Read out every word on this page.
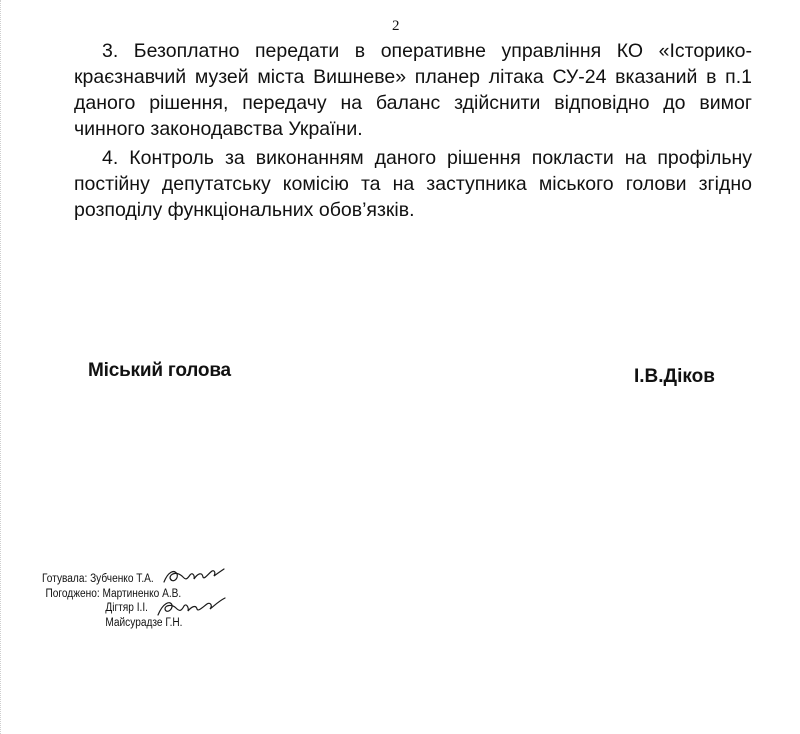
2

3. Безоплатно передати в оперативне управління КО «Історико-краєзнавчий музей міста Вишневе» планер літака СУ-24 вказаний в п.1 даного рішення, передачу на баланс здійснити відповідно до вимог чинного законодавства України.

4. Контроль за виконанням даного рішення покласти на профільну постійну депутатську комісію та на заступника міського голови згідно розподілу функціональних обов’язків.

Міський голова	І.В.Діков
Готувала: Зубченко Т.А.
Погоджено: Мартиненко А.В.
Дігтяр І.І.
Майсурадзе Г.Н.
